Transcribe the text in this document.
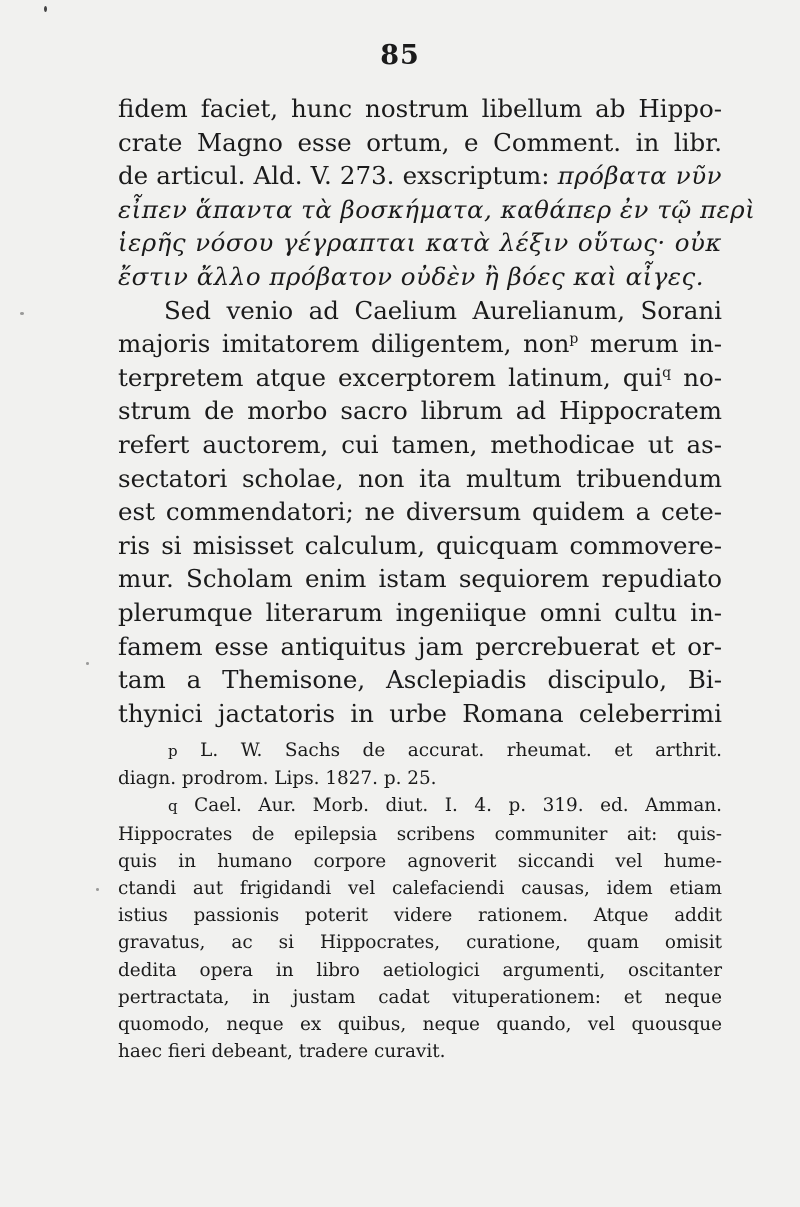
85
fidem faciet, hunc nostrum libellum ab Hippo-
crate Magno esse ortum, e Comment. in libr.
de articul. Ald. V. 273. exscriptum: πρόβατα νῦν
εἶπεν ἅπαντα τὰ βοσκήματα, καθάπερ ἐν τῷ περὶ
ἱερῆς νόσου γέγραπται κατὰ λέξιν οὕτως· οὐκ
ἔστιν ἄλλο πρόβατον οὐδὲν ἢ βόες καὶ αἶγες.
Sed venio ad Caelium Aurelianum, Sorani
majoris imitatorem diligentem, non$^p$ merum in-
terpretem atque excerptorem latinum, qui$^q$ no-
strum de morbo sacro librum ad Hippocratem
refert auctorem, cui tamen, methodicae ut as-
sectatori scholae, non ita multum tribuendum
est commendatori; ne diversum quidem a cete-
ris si misisset calculum, quicquam commovere-
mur. Scholam enim istam sequiorem repudiato
plerumque literarum ingeniique omni cultu in-
famem esse antiquitus jam percrebuerat et or-
tam a Themisone, Asclepiadis discipulo, Bi-
thynici jactatoris in urbe Romana celeberrimi
p L. W. Sachs de accurat. rheumat. et arthrit.
diagn. prodrom. Lips. 1827. p. 25.
q Cael. Aur. Morb. diut. I. 4. p. 319. ed. Amman.
Hippocrates de epilepsia scribens communiter ait: quis-
quis in humano corpore agnoverit siccandi vel hume-
ctandi aut frigidandi vel calefaciendi causas, idem etiam
istius passionis poterit videre rationem. Atque addit
gravatus, ac si Hippocrates, curatione, quam omisit
dedita opera in libro aetiologici argumenti, oscitanter
pertractata, in justam cadat vituperationem: et neque
quomodo, neque ex quibus, neque quando, vel quousque
haec fieri debeant, tradere curavit.
